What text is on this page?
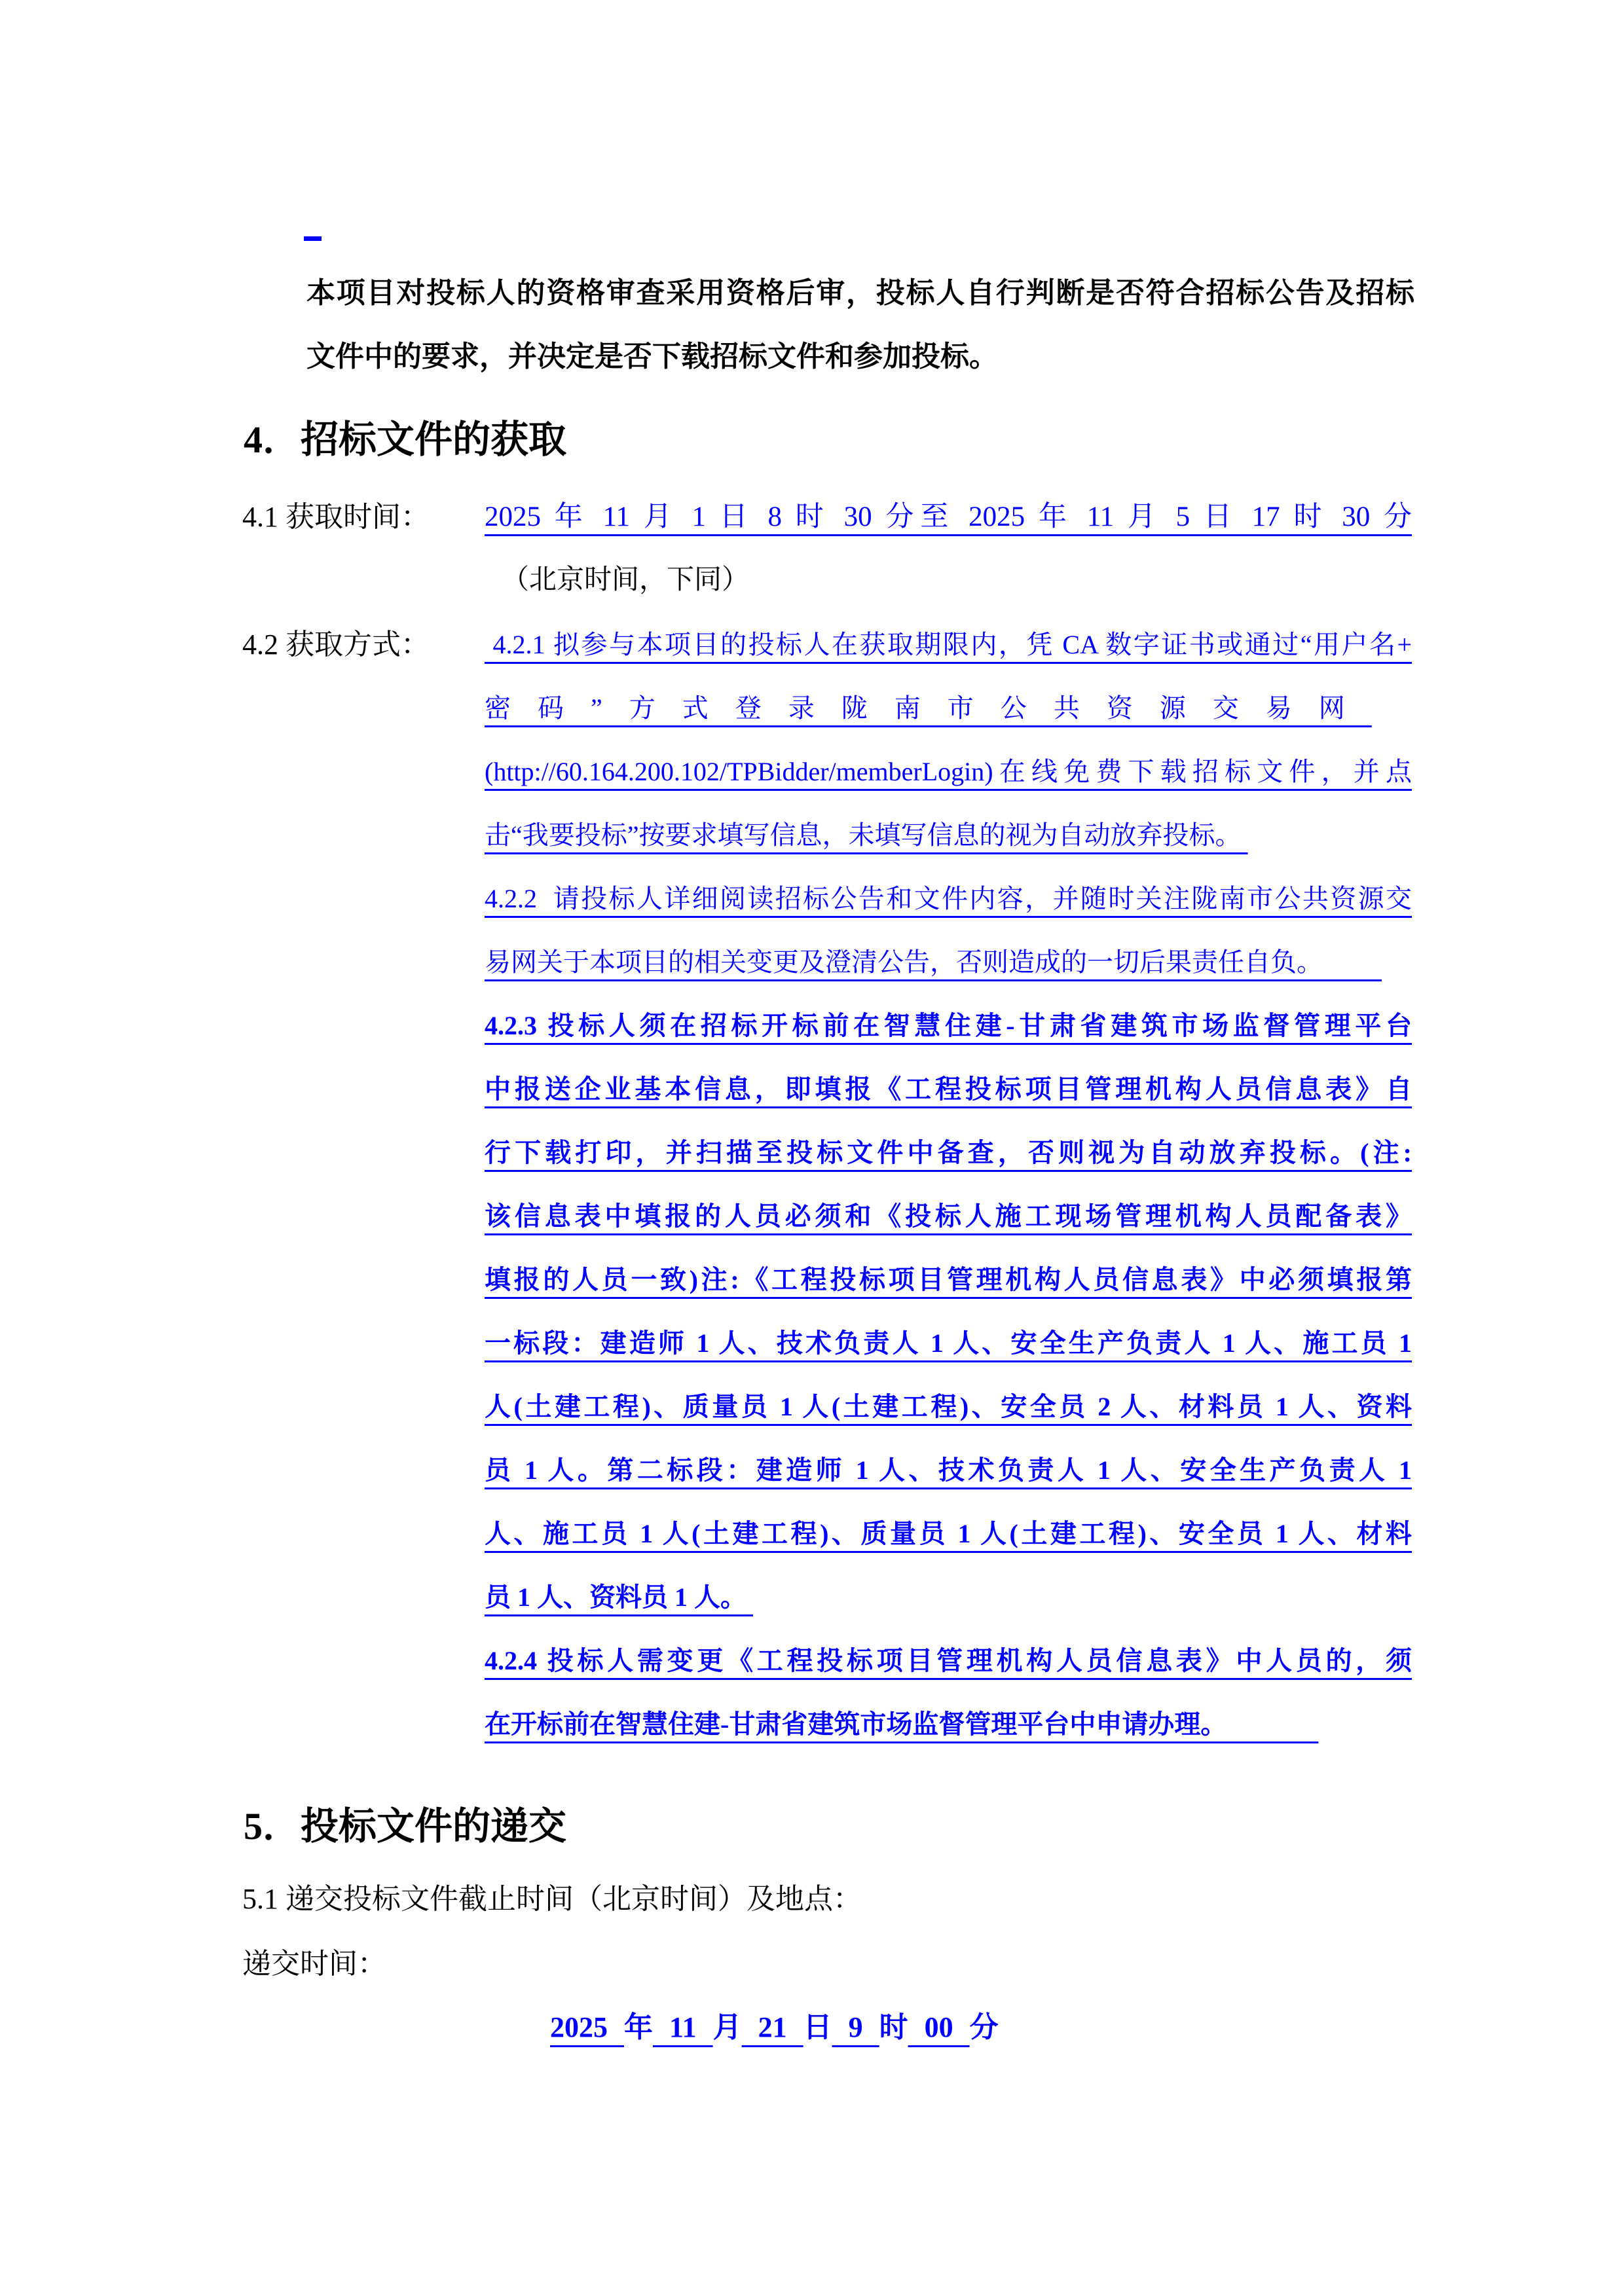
本项目对投标人的资格审查采用资格后审，投标人自行判断是否符合招标公告及招标
文件中的要求，并决定是否下载招标文件和参加投标。
4．招标文件的获取
4.1 获取时间： 2025 年 11 月 1 日 8 时 30 分至 2025 年 11 月 5 日 17 时 30 分
（北京时间，下同）
4.2 获取方式： 4.2.1 拟参与本项目的投标人在获取期限内，凭 CA 数字证书或通过“用户名+
密码”方式登录陇南市公共资源交易网
(http://60.164.200.102/TPBidder/memberLogin)在线免费下载招标文件，并点
击“我要投标”按要求填写信息，未填写信息的视为自动放弃投标。
4.2.2  请投标人详细阅读招标公告和文件内容，并随时关注陇南市公共资源交
易网关于本项目的相关变更及澄清公告，否则造成的一切后果责任自负。
4.2.3 投标人须在招标开标前在智慧住建-甘肃省建筑市场监督管理平台
中报送企业基本信息，即填报《工程投标项目管理机构人员信息表》自
行下载打印，并扫描至投标文件中备查，否则视为自动放弃投标。(注:
该信息表中填报的人员必须和《投标人施工现场管理机构人员配备表》
填报的人员一致)注:《工程投标项目管理机构人员信息表》中必须填报第
一标段：建造师 1 人、技术负责人 1 人、安全生产负责人 1 人、施工员 1
人(土建工程)、质量员 1 人(土建工程)、安全员 2 人、材料员 1 人、资料
员 1 人。第二标段：建造师 1 人、技术负责人 1 人、安全生产负责人 1
人、施工员 1 人(土建工程)、质量员 1 人(土建工程)、安全员 1 人、材料
员 1 人、资料员 1 人。
4.2.4 投标人需变更《工程投标项目管理机构人员信息表》中人员的，须
在开标前在智慧住建-甘肃省建筑市场监督管理平台中申请办理。
5．投标文件的递交
5.1 递交投标文件截止时间（北京时间）及地点：
递交时间：

2025 年 11 月 21 日 9 时 00 分
